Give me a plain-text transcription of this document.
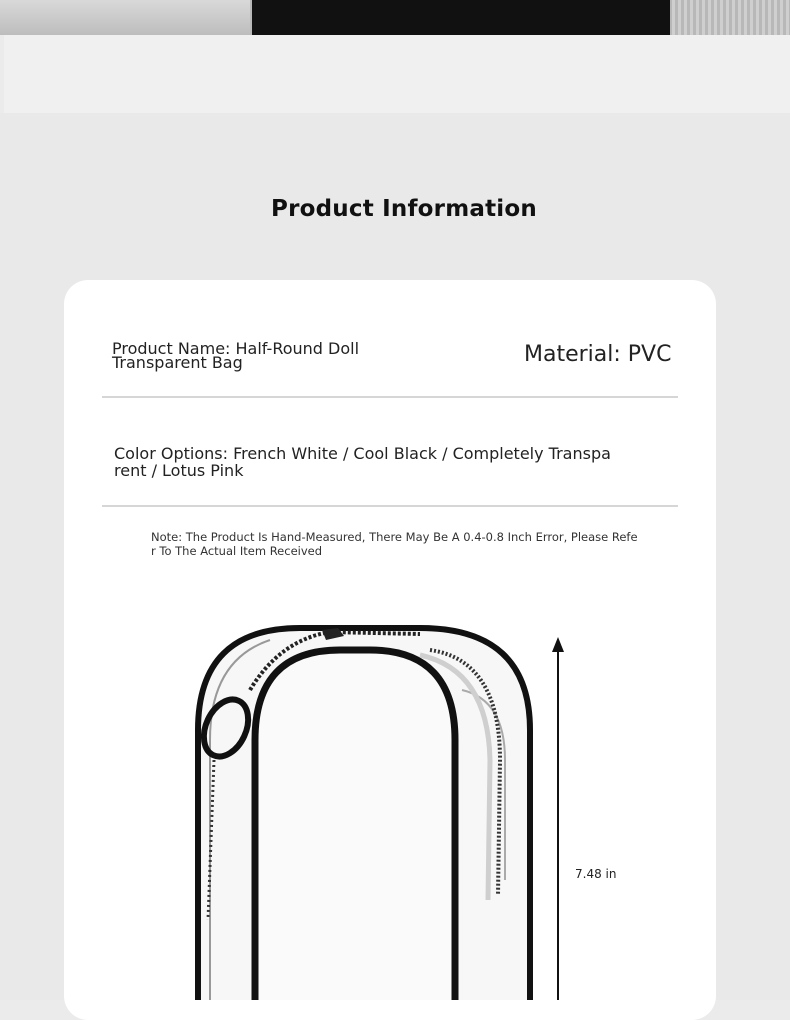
Product Information
Product Name: Half-Round Doll Transparent Bag	Material: PVC
Color Options: French White / Cool Black / Completely Transparent / Lotus Pink
Note: The Product Is Hand-Measured, There May Be A 0.4-0.8 Inch Error, Please Refer To The Actual Item Received
7.48 in
